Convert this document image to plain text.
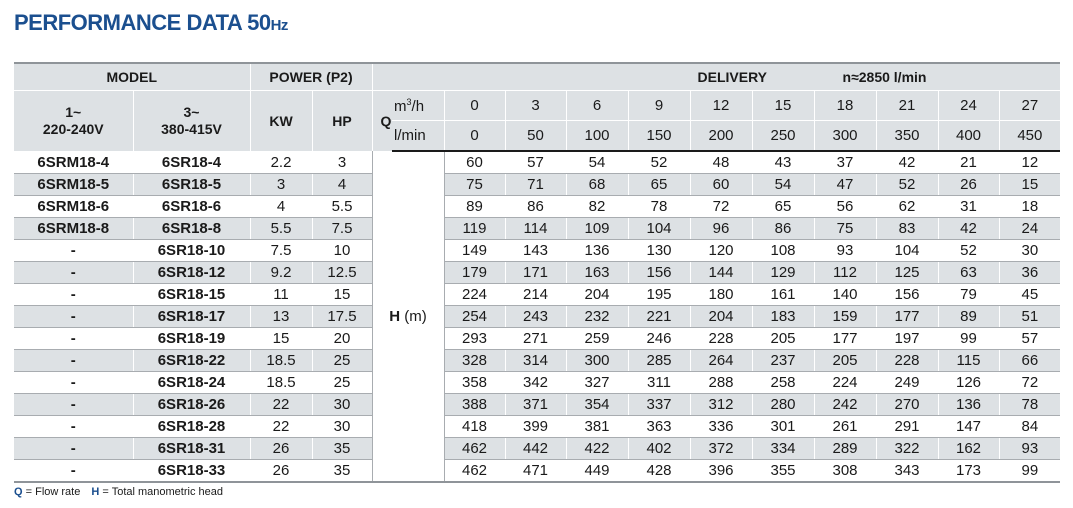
PERFORMANCE DATA 50Hz
MODEL		POWER (P2)		DELIVERY n≈2850 l/min											

1~
220-240V	3~
380-415V	KW	HP	Q	$m^3/h$	0	3	6	9	12	15	18	21	24	27
					l/min	0	50	100	150	200	250	300	350	400	450
6SRM18-4	6SR18-4	2.2	3	H (m)		60	57	54	52	48	43	37	42	21	12
6SRM18-5	6SR18-5	3	4			75	71	68	65	60	54	47	52	26	15
6SRM18-6	6SR18-6	4	5.5			89	86	82	78	72	65	56	62	31	18
6SRM18-8	6SR18-8	5.5	7.5			119	114	109	104	96	86	75	83	42	24
-	6SR18-10	7.5	10			149	143	136	130	120	108	93	104	52	30
-	6SR18-12	9.2	12.5			179	171	163	156	144	129	112	125	63	36
-	6SR18-15	11	15			224	214	204	195	180	161	140	156	79	45
-	6SR18-17	13	17.5			254	243	232	221	204	183	159	177	89	51
-	6SR18-19	15	20			293	271	259	246	228	205	177	197	99	57
-	6SR18-22	18.5	25			328	314	300	285	264	237	205	228	115	66
-	6SR18-24	18.5	25			358	342	327	311	288	258	224	249	126	72
-	6SR18-26	22	30			388	371	354	337	312	280	242	270	136	78
-	6SR18-28	22	30			418	399	381	363	336	301	261	291	147	84
-	6SR18-31	26	35			462	442	422	402	372	334	289	322	162	93
-	6SR18-33	26	35			462	471	449	428	396	355	308	343	173	99

Q = Flow rate H = Total manometric head
